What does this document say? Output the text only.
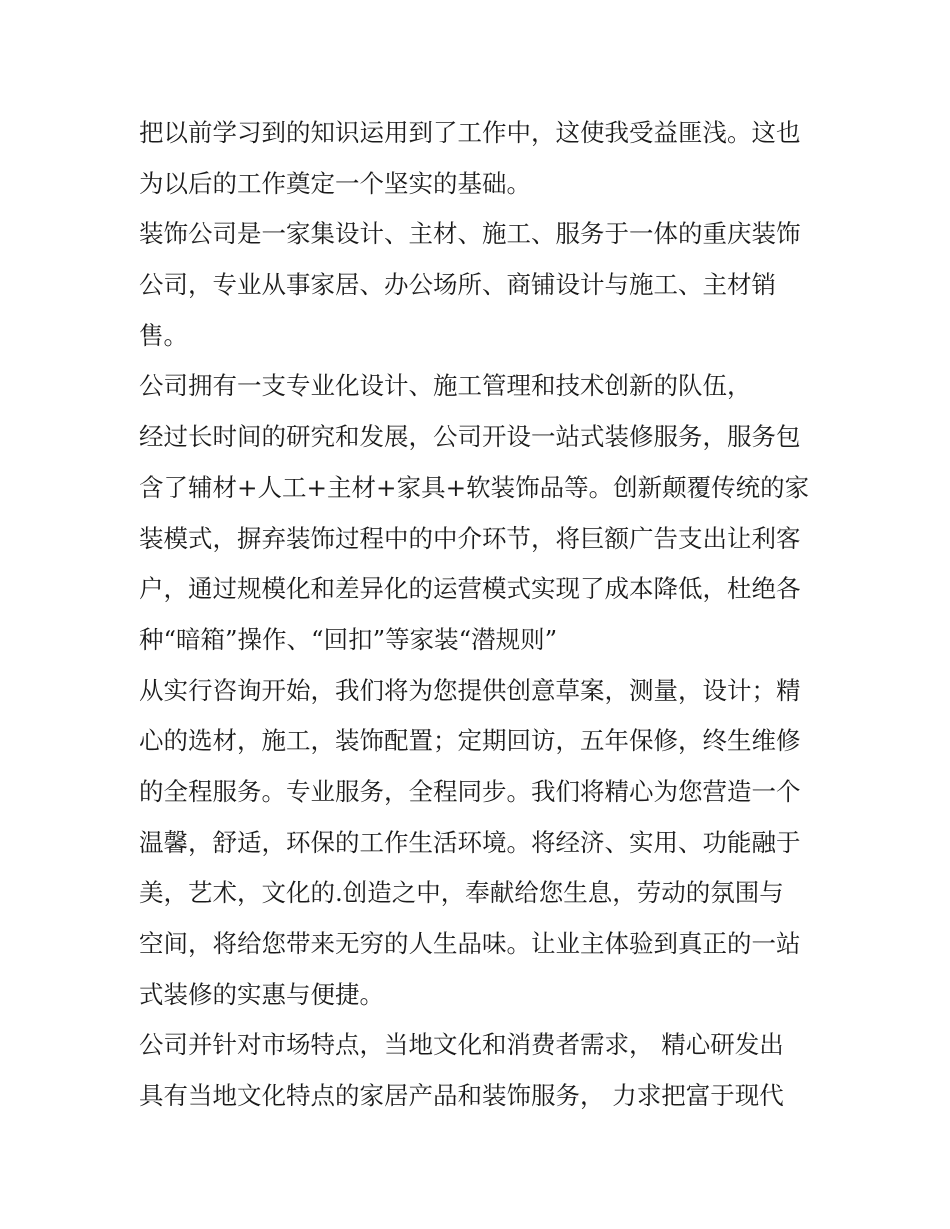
把以前学习到的知识运用到了工作中，这使我受益匪浅。这也
为以后的工作奠定一个坚实的基础。
装饰公司是一家集设计、主材、施工、服务于一体的重庆装饰
公司，专业从事家居、办公场所、商铺设计与施工、主材销
售。
公司拥有一支专业化设计、施工管理和技术创新的队伍，
经过长时间的研究和发展，公司开设一站式装修服务，服务包
含了辅材+人工+主材+家具+软装饰品等。创新颠覆传统的家
装模式，摒弃装饰过程中的中介环节，将巨额广告支出让利客
户，通过规模化和差异化的运营模式实现了成本降低，杜绝各
种“暗箱”操作、“回扣”等家装“潜规则”
从实行咨询开始，我们将为您提供创意草案，测量，设计；精
心的选材，施工，装饰配置；定期回访，五年保修，终生维修
的全程服务。专业服务，全程同步。我们将精心为您营造一个
温馨，舒适，环保的工作生活环境。将经济、实用、功能融于
美，艺术，文化的.创造之中，奉献给您生息，劳动的氛围与
空间，将给您带来无穷的人生品味。让业主体验到真正的一站
式装修的实惠与便捷。
公司并针对市场特点，当地文化和消费者需求， 精心研发出
具有当地文化特点的家居产品和装饰服务， 力求把富于现代
